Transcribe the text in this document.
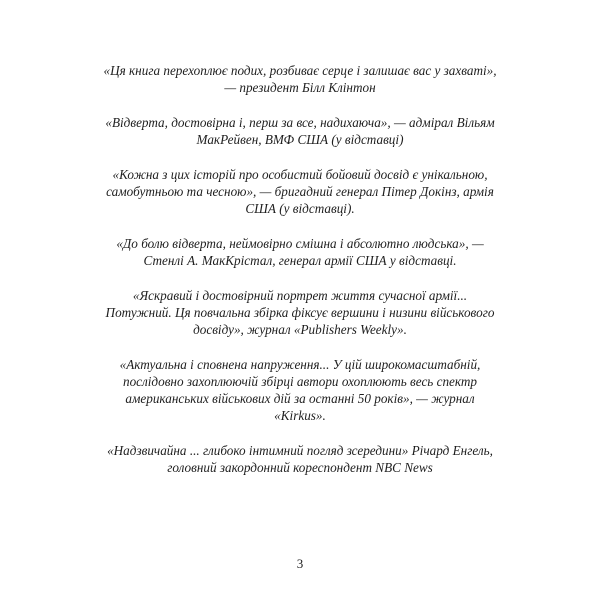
«Ця книга перехоплює подих, розбиває серце і залишає вас у захваті», — президент Білл Клінтон

«Відверта, достовірна і, перш за все, надихаюча», — адмірал Вільям МакРейвен, ВМФ США (у відставці)

«Кожна з цих історій про особистий бойовий досвід є унікальною, самобутньою та чесною», — бригадний генерал Пітер Докінз, армія США (у відставці).

«До болю відверта, неймовірно смішна і абсолютно людська», — Стенлі А. МакКрістал, генерал армії США у відставці.

«Яскравий і достовірний портрет життя сучасної армії... Потужний. Ця повчальна збірка фіксує вершини і низини військового досвіду», журнал «Publishers Weekly».

«Актуальна і сповнена напруження... У цій широкомасштабній, послідовно захоплюючій збірці автори охоплюють весь спектр американських військових дій за останні 50 років», — журнал «Kirkus».

«Надзвичайна ... глибоко інтимний погляд зсередини» Річард Енгель, головний закордонний кореспондент NBC News

3
